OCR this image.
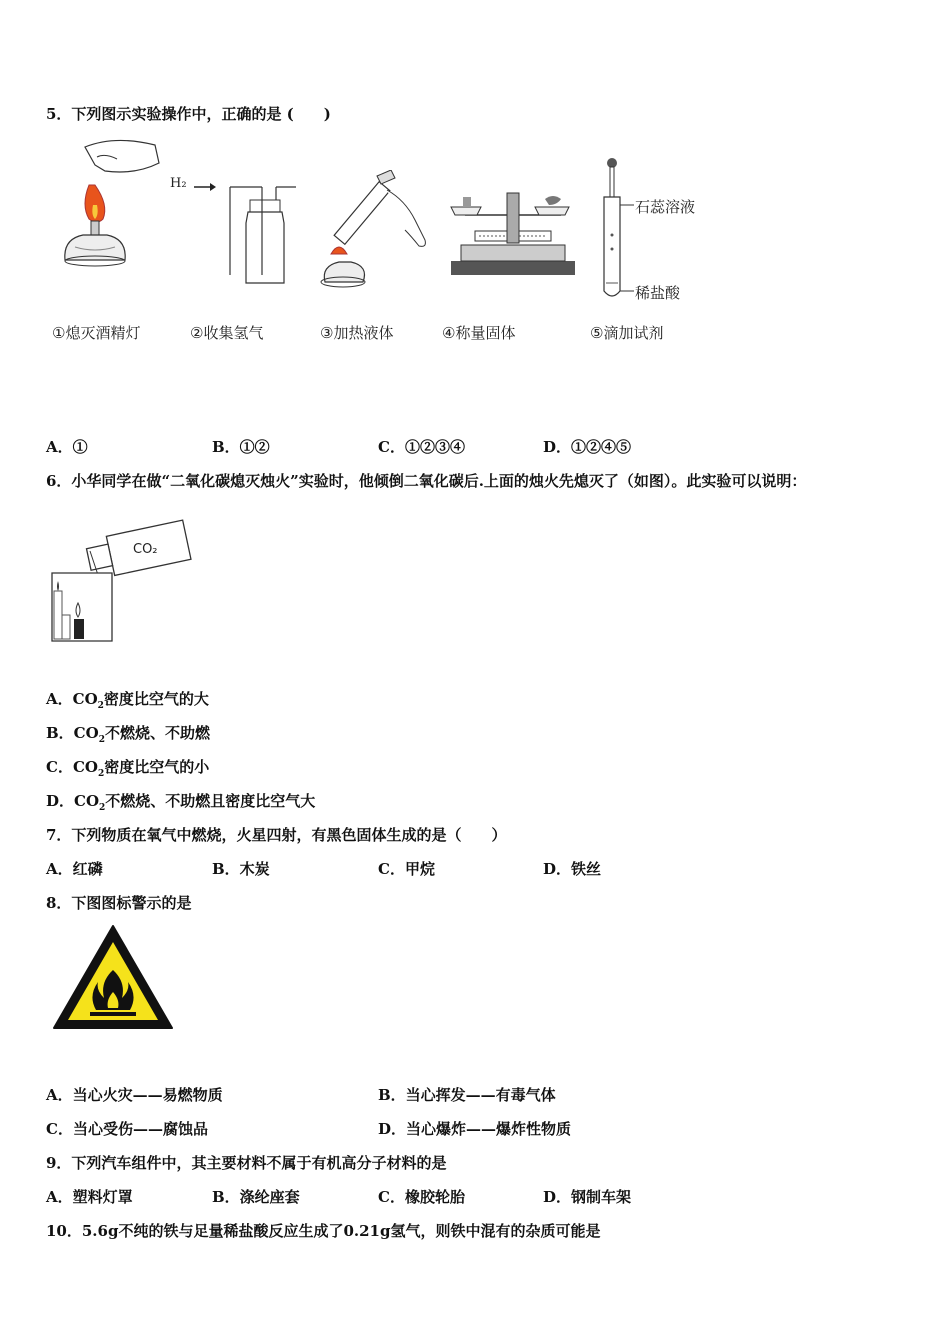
5．下列图示实验操作中，正确的是 (　　)
H₂
石蕊溶液
稀盐酸
①熄灭酒精灯	②收集氢气	③加热液体	④称量固体	⑤滴加试剂
A．①	B．①②	C．①②③④	D．①②④⑤
6．小华同学在做“二氧化碳熄灭烛火”实验时，他倾倒二氧化碳后.上面的烛火先熄灭了（如图）。此实验可以说明：
CO₂
A．$CO_2$密度比空气的大
B．$CO_2$不燃烧、不助燃
C．$CO_2$密度比空气的小
D．$CO_2$不燃烧、不助燃且密度比空气大
7．下列物质在氧气中燃烧，火星四射，有黑色固体生成的是（　　）
A．红磷	B．木炭	C．甲烷	D．铁丝
8．下图图标警示的是
A．当心火灾——易燃物质	B．当心挥发——有毒气体
C．当心受伤——腐蚀品	D．当心爆炸——爆炸性物质
9．下列汽车组件中，其主要材料不属于有机高分子材料的是
A．塑料灯罩	B．涤纶座套	C．橡胶轮胎	D．钢制车架
10．5.6g不纯的铁与足量稀盐酸反应生成了0.21g氢气，则铁中混有的杂质可能是
